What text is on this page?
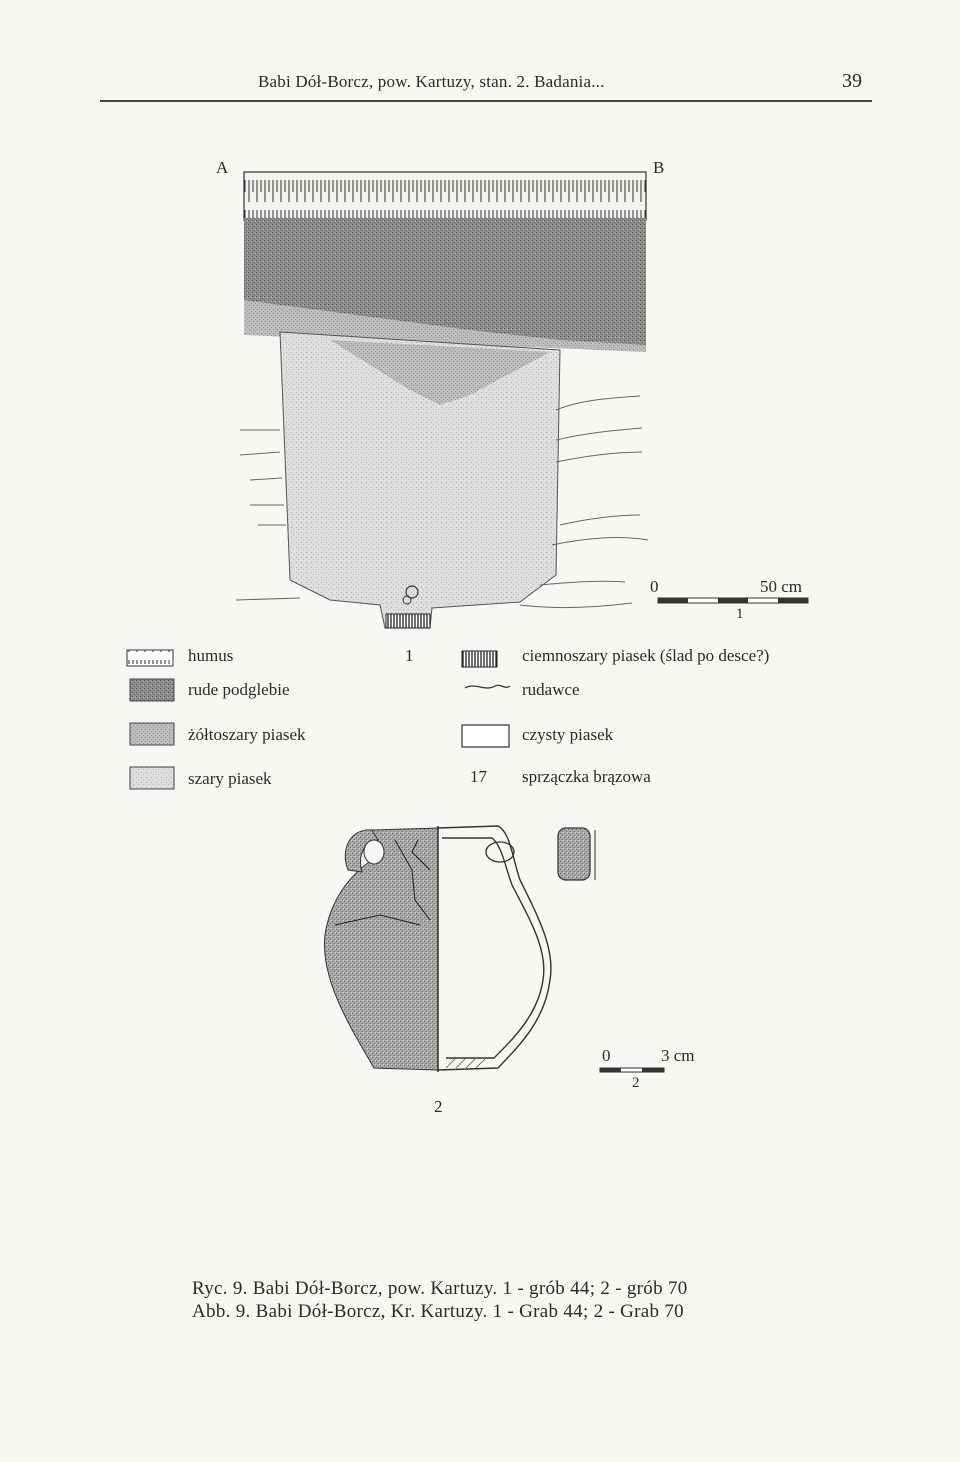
Babi Dół-Borcz, pow. Kartuzy, stan. 2. Badania...	39
A	B
0	50 cm
1
1
humus
rude podglebie
żółtoszary piasek
szary piasek
ciemnoszary piasek (ślad po desce?)
rudawce
czysty piasek
17 sprzączka brązowa
2
0	3 cm
2
Ryc. 9. Babi Dół-Borcz, pow. Kartuzy. 1 - grób 44; 2 - grób 70
Abb. 9. Babi Dół-Borcz, Kr. Kartuzy. 1 - Grab 44; 2 - Grab 70
